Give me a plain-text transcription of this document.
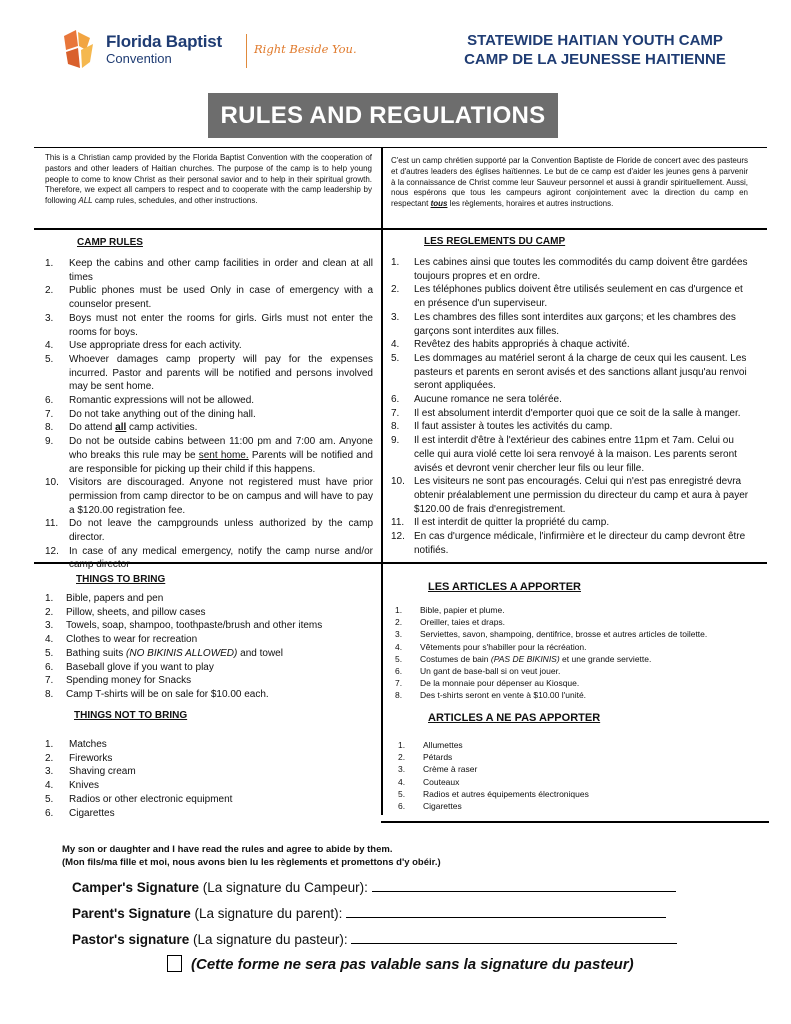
Florida Baptist
Convention
Right Beside You.	STATEWIDE HAITIAN YOUTH CAMP
CAMP DE LA JEUNESSE HAITIENNE
RULES AND REGULATIONS

This is a Christian camp provided by the Florida Baptist Convention with the cooperation of pastors and other leaders of Haitian churches. The purpose of the camp is to help young people to come to know Christ as their personal savior and to help in their spiritual growth. Therefore, we expect all campers to respect and to cooperate with the camp leadership by following ALL camp rules, schedules, and other instructions.

C'est un camp chrétien supporté par la Convention Baptiste de Floride de concert avec des pasteurs et d'autres leaders des églises haïtiennes. Le but de ce camp est d'aider les jeunes gens à parvenir à la connaissance de Christ comme leur Sauveur personnel et aussi à grandir spirituellement. Aussi, nous espérons que tous les campeurs agiront conjointement avec la direction du camp en respectant tous les règlements, horaires et autres instructions.

CAMP RULES
1. Keep the cabins and other camp facilities in order and clean at all times
2. Public phones must be used Only in case of emergency with a counselor present.
3. Boys must not enter the rooms for girls. Girls must not enter the rooms for boys.
4. Use appropriate dress for each activity.
5. Whoever damages camp property will pay for the expenses incurred. Pastor and parents will be notified and persons involved may be sent home.
6. Romantic expressions will not be allowed.
7. Do not take anything out of the dining hall.
8. Do attend all camp activities.
9. Do not be outside cabins between 11:00 pm and 7:00 am. Anyone who breaks this rule may be sent home. Parents will be notified and are responsible for picking up their child if this happens.
10. Visitors are discouraged. Anyone not registered must have prior permission from camp director to be on campus and will have to pay a $120.00 registration fee.
11. Do not leave the campgrounds unless authorized by the camp director.
12. In case of any medical emergency, notify the camp nurse and/or camp director
LES REGLEMENTS DU CAMP
1. Les cabines ainsi que toutes les commodités du camp doivent être gardées toujours propres et en ordre.
2. Les téléphones publics doivent être utilisés seulement en cas d'urgence et en présence d'un superviseur.
3. Les chambres des filles sont interdites aux garçons; et les chambres des garçons sont interdites aux filles.
4. Revêtez des habits appropriés à chaque activité.
5. Les dommages au matériel seront á la charge de ceux qui les causent. Les pasteurs et parents en seront avisés et des sanctions allant jusqu'au renvoi seront appliquées.
6. Aucune romance ne sera tolérée.
7. Il est absolument interdit d'emporter quoi que ce soit de la salle à manger.
8. Il faut assister à toutes les activités du camp.
9. Il est interdit d'être à l'extérieur des cabines entre 11pm et 7am. Celui ou celle qui aura violé cette loi sera renvoyé à la maison. Les parents seront avisés et devront venir chercher leur fils ou leur fille.
10. Les visiteurs ne sont pas encouragés. Celui qui n'est pas enregistré devra obtenir préalablement une permission du directeur du camp et aura à payer $120.00 de frais d'enregistrement.
11. Il est interdit de quitter la propriété du camp.
12. En cas d'urgence médicale, l'infirmière et le directeur du camp devront être notifiés.
THINGS TO BRING
1. Bible, papers and pen
2. Pillow, sheets, and pillow cases
3. Towels, soap, shampoo, toothpaste/brush and other items
4. Clothes to wear for recreation
5. Bathing suits (NO BIKINIS ALLOWED) and towel
6. Baseball glove if you want to play
7. Spending money for Snacks
8. Camp T-shirts will be on sale for $10.00 each.
THINGS NOT TO BRING
1. Matches
2. Fireworks
3. Shaving cream
4. Knives
5. Radios or other electronic equipment
6. Cigarettes
LES ARTICLES A APPORTER
1. Bible, papier et plume.
2. Oreiller, taies et draps.
3. Serviettes, savon, shampoing, dentifrice, brosse et autres articles de toilette.
4. Vêtements pour s'habiller pour la récréation.
5. Costumes de bain (PAS DE BIKINIS) et une grande serviette.
6. Un gant de base-ball si on veut jouer.
7. De la monnaie pour dépenser au Kiosque.
8. Des t-shirts seront en vente à $10.00 l'unité.
ARTICLES A NE PAS APPORTER
1. Allumettes
2. Pétards
3. Crème à raser
4. Couteaux
5. Radios et autres équipements électroniques
6. Cigarettes
My son or daughter and I have read the rules and agree to abide by them.
(Mon fils/ma fille et moi, nous avons bien lu les règlements et promettons d'y obéir.)
Camper's Signature (La signature du Campeur):
Parent's Signature (La signature du parent):
Pastor's signature (La signature du pasteur):
(Cette forme ne sera pas valable sans la signature du pasteur)
